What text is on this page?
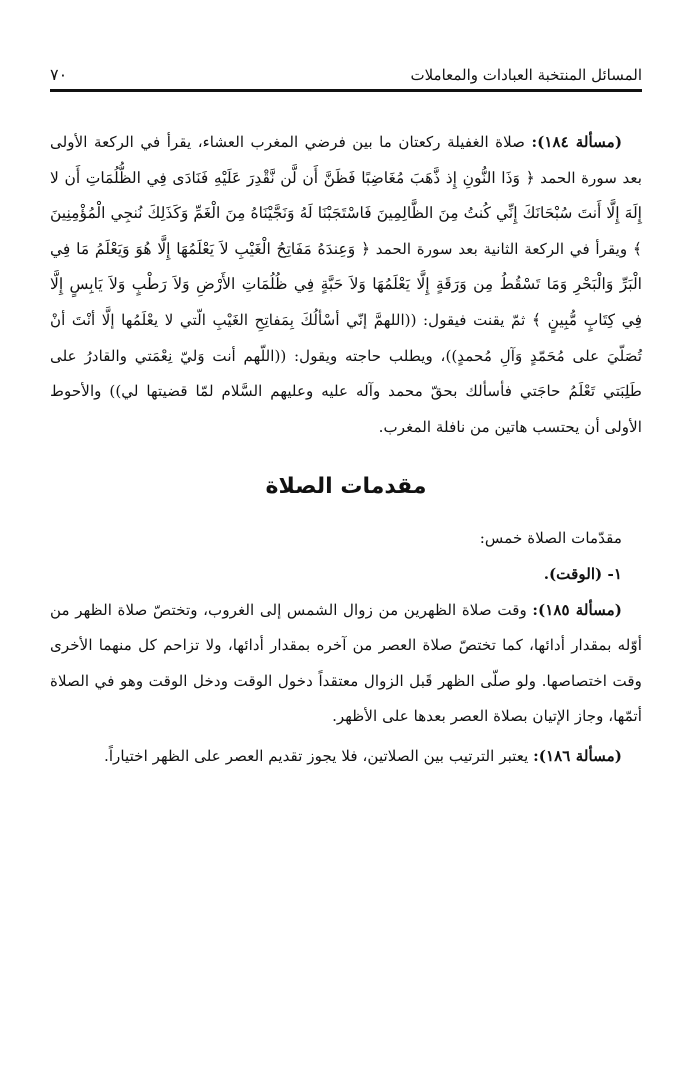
المسائل المنتخبة العبادات والمعاملات
٧٠

(مسألة ١٨٤): صلاة الغفيلة ركعتان ما بين فرضي المغرب العشاء، يقرأ في الركعة الأولى بعد سورة الحمد ﴿ وَذَا النُّونِ إِذ ذَّهَبَ مُغَاضِبًا فَظَنَّ أَن لَّن نَّقْدِرَ عَلَيْهِ فَنَادَى فِي الظُّلُمَاتِ أَن لا إِلَهَ إِلَّا أَنتَ سُبْحَانَكَ إِنِّي كُنتُ مِنَ الظَّالِمِينَ فَاسْتَجَبْنَا لَهُ وَنَجَّيْنَاهُ مِنَ الْغَمِّ وَكَذَلِكَ نُنجِي الْمُؤْمِنِينَ ﴾ ويقرأ في الركعة الثانية بعد سورة الحمد ﴿ وَعِندَهُ مَفَاتِحُ الْغَيْبِ لاَ يَعْلَمُهَا إِلَّا هُوَ وَيَعْلَمُ مَا فِي الْبَرِّ وَالْبَحْرِ وَمَا تَسْقُطُ مِن وَرَقَةٍ إِلَّا يَعْلَمُهَا وَلاَ حَبَّةٍ فِي ظُلُمَاتِ الأَرْضِ وَلاَ رَطْبٍ وَلاَ يَابِسٍ إِلَّا فِي كِتَابٍ مُّبِينٍ ﴾ ثمّ يقنت فيقول: ((اللهمَّ إنّي أسْألُكَ بِمَفاتِحِ الغَيْبِ الّتي لا يعْلَمُها إلَّا أنْتَ أنْ تُصَلّيَ على مُحَمّدٍ وَآلِ مُحمدٍ))، ويطلب حاجته ويقول: ((اللّهم أنت وَليّ نِعْمَتي والقادرُ على طَلِبَتي تَعْلَمُ حاجَتي فأسألك بحقّ محمد وآله عليه وعليهم السَّلام لمّا قضيتها لي)) والأحوط الأولى أن يحتسب هاتين من نافلة المغرب.

مقدمات الصلاة

مقدّمات الصلاة خمس:

١- (الوقت).

(مسألة ١٨٥): وقت صلاة الظهرين من زوال الشمس إلى الغروب، وتختصّ صلاة الظهر من أوّله بمقدار أدائها، كما تختصّ صلاة العصر من آخره بمقدار أدائها، ولا تزاحم كل منهما الأخرى وقت اختصاصها. ولو صلّى الظهر قَبل الزوال معتقداً دخول الوقت ودخل الوقت وهو في الصلاة أتمّها، وجاز الإتيان بصلاة العصر بعدها على الأظهر.

(مسألة ١٨٦): يعتبر الترتيب بين الصلاتين، فلا يجوز تقديم العصر على الظهر اختياراً.
